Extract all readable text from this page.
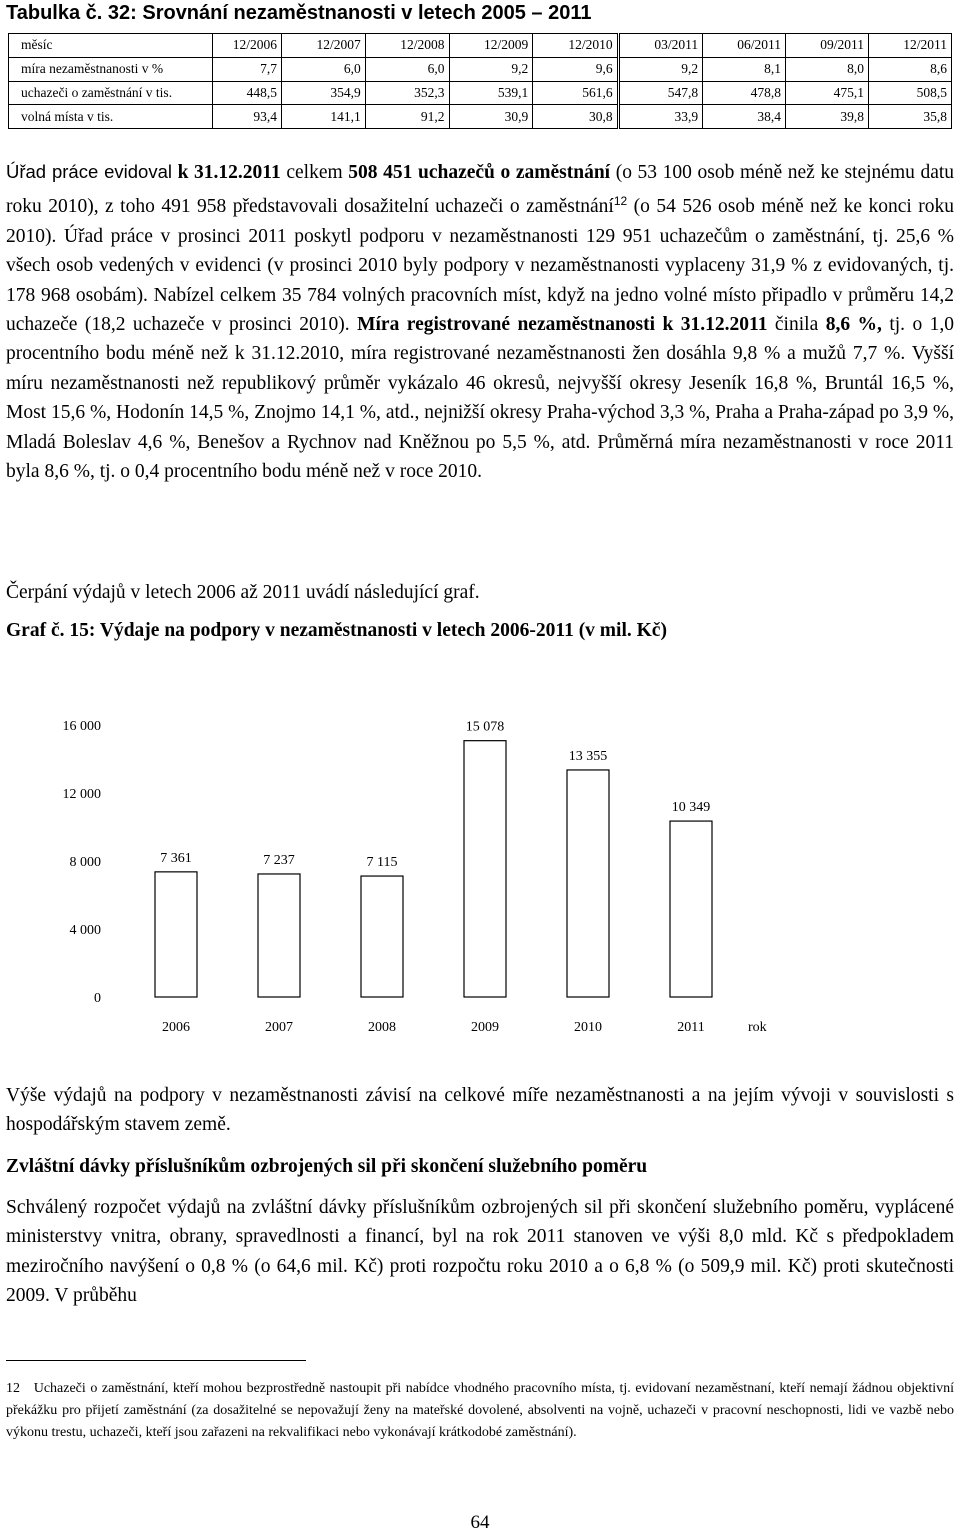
Tabulka č. 32: Srovnání nezaměstnanosti v letech 2005 – 2011
měsíc	12/2006	12/2007	12/2008	12/2009	12/2010	03/2011	06/2011	09/2011	12/2011
míra nezaměstnanosti v %	7,7	6,0	6,0	9,2	9,6	9,2	8,1	8,0	8,6
uchazeči o zaměstnání v tis.	448,5	354,9	352,3	539,1	561,6	547,8	478,8	475,1	508,5
volná místa v tis.	93,4	141,1	91,2	30,9	30,8	33,9	38,4	39,8	35,8
Úřad práce evidoval k 31.12.2011 celkem 508 451 uchazečů o zaměstnání (o 53 100 osob méně než ke stejnému datu roku 2010), z toho 491 958 představovali dosažitelní uchazeči o zaměstnání$^{12}$ (o 54 526 osob méně než ke konci roku 2010). Úřad práce v prosinci 2011 poskytl podporu v nezaměstnanosti 129 951 uchazečům o zaměstnání, tj. 25,6 % všech osob vedených v evidenci (v prosinci 2010 byly podpory v nezaměstnanosti vyplaceny 31,9 % z evidovaných, tj. 178 968 osobám). Nabízel celkem 35 784 volných pracovních míst, když na jedno volné místo připadlo v průměru 14,2 uchazeče (18,2 uchazeče v prosinci 2010). Míra registrované nezaměstnanosti k 31.12.2011 činila 8,6 %, tj. o 1,0 procentního bodu méně než k 31.12.2010, míra registrované nezaměstnanosti žen dosáhla 9,8 % a mužů 7,7 %. Vyšší míru nezaměstnanosti než republikový průměr vykázalo 46 okresů, nejvyšší okresy Jeseník 16,8 %, Bruntál 16,5 %, Most 15,6 %, Hodonín 14,5 %, Znojmo 14,1 %, atd., nejnižší okresy Praha-východ 3,3 %, Praha a Praha-západ po 3,9 %, Mladá Boleslav 4,6 %, Benešov a Rychnov nad Kněžnou po 5,5 %, atd. Průměrná míra nezaměstnanosti v roce 2011 byla 8,6 %, tj. o 0,4 procentního bodu méně než v roce 2010.
Čerpání výdajů v letech 2006 až 2011 uvádí následující graf.
Graf č. 15: Výdaje na podpory v nezaměstnanosti v letech 2006-2011 (v mil. Kč)
0
4 000
8 000
12 000
16 000
7 361
2006
7 237
2007
7 115
2008
15 078
2009
13 355
2010
10 349
2011	rok
Výše výdajů na podpory v nezaměstnanosti závisí na celkové míře nezaměstnanosti a na jejím vývoji v souvislosti s hospodářským stavem země.
Zvláštní dávky příslušníkům ozbrojených sil při skončení služebního poměru
Schválený rozpočet výdajů na zvláštní dávky příslušníkům ozbrojených sil při skončení služebního poměru, vyplácené ministerstvy vnitra, obrany, spravedlnosti a financí, byl na rok 2011 stanoven ve výši 8,0 mld. Kč s předpokladem meziročního navýšení o 0,8 % (o 64,6 mil. Kč) proti rozpočtu roku 2010 a o 6,8 % (o 509,9 mil. Kč) proti skutečnosti 2009. V průběhu
12 Uchazeči o zaměstnání, kteří mohou bezprostředně nastoupit při nabídce vhodného pracovního místa, tj. evidovaní nezaměstnaní, kteří nemají žádnou objektivní překážku pro přijetí zaměstnání (za dosažitelné se nepovažují ženy na mateřské dovolené, absolventi na vojně, uchazeči v pracovní neschopnosti, lidi ve vazbě nebo výkonu trestu, uchazeči, kteří jsou zařazeni na rekvalifikaci nebo vykonávají krátkodobé zaměstnání).
64
